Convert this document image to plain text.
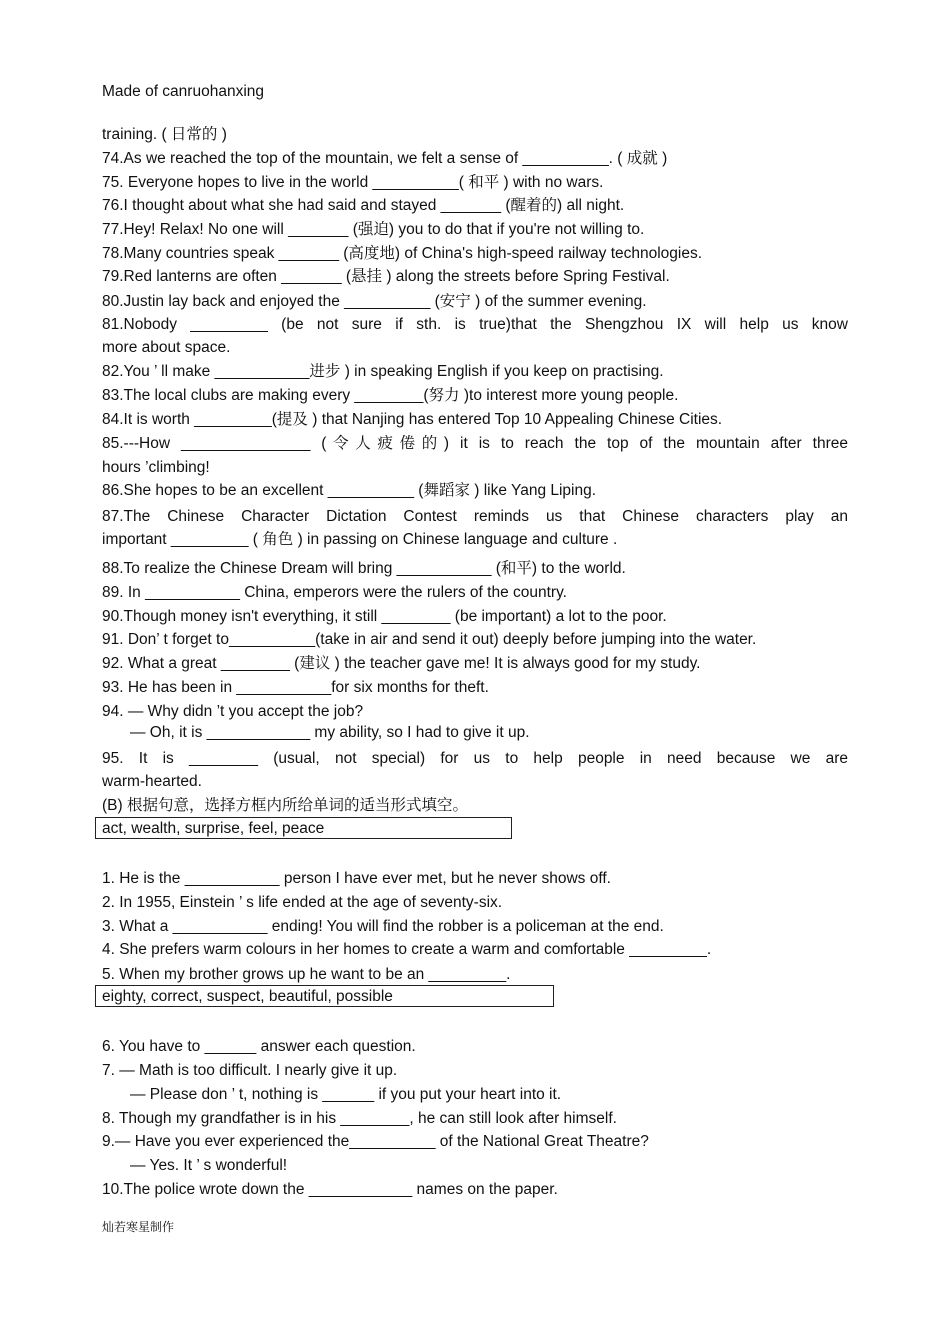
Made of canruohanxing
training. ( 日常的 )
74.As we reached the top of the mountain, we felt a sense of __________. ( 成就 )
75. Everyone hopes to live in the world __________( 和平 ) with no wars.
76.I thought about what she had said and stayed _______ (醒着的) all night.
77.Hey! Relax! No one will _______ (强迫) you to do that if you're not willing to.
78.Many countries speak _______ (高度地) of China's high-speed railway technologies.
79.Red lanterns are often _______ (悬挂 ) along the streets before Spring Festival.
80.Justin lay back and enjoyed the __________ (安宁 ) of the summer evening.
81.Nobody _________ (be not sure if sth. is true)that the Shengzhou IX will help us know
more about space.
82.You ’ ll make ___________进步 ) in speaking English if you keep on practising.
83.The local clubs are making every ________(努力 )to interest more young people.
84.It is worth _________(提及 ) that Nanjing has entered Top 10 Appealing Chinese Cities.
85.---How _______________ (令人疲倦的) it is to reach the top of the mountain after three
hours ’climbing!
86.She hopes to be an excellent __________ (舞蹈家 ) like Yang Liping.
87.The Chinese Character Dictation Contest reminds us that Chinese characters play an
important _________ ( 角色 ) in passing on Chinese language and culture .
88.To realize the Chinese Dream will bring ___________ (和平) to the world.
89. In ___________ China, emperors were the rulers of the country.
90.Though money isn't everything, it still ________ (be important) a lot to the poor.
91. Don’ t forget to__________(take in air and send it out) deeply before jumping into the water.
92. What a great ________ (建议 ) the teacher gave me! It is always good for my study.
93. He has been in ___________for six months for theft.
94. — Why didn ’t you accept the job?
— Oh, it is ____________ my ability, so I had to give it up.
95. It is ________ (usual, not special) for us to help people in need because we are
warm-hearted.
(B) 根据句意，选择方框内所给单词的适当形式填空。
1. He is the ___________ person I have ever met, but he never shows off.
2. In 1955, Einstein ’ s life ended at the age of seventy-six.
3. What a ___________ ending! You will find the robber is a policeman at the end.
4. She prefers warm colours in her homes to create a warm and comfortable _________.
5. When my brother grows up he want to be an _________.
6. You have to ______ answer each question.
7. — Math is too difficult. I nearly give it up.
— Please don ’ t, nothing is ______ if you put your heart into it.
8. Though my grandfather is in his ________, he can still look after himself.
9.— Have you ever experienced the__________ of the National Great Theatre?
— Yes. It ’ s wonderful!
10.The police wrote down the ____________ names on the paper.
act, wealth, surprise, feel, peace
eighty, correct, suspect, beautiful, possible
灿若寒星制作
